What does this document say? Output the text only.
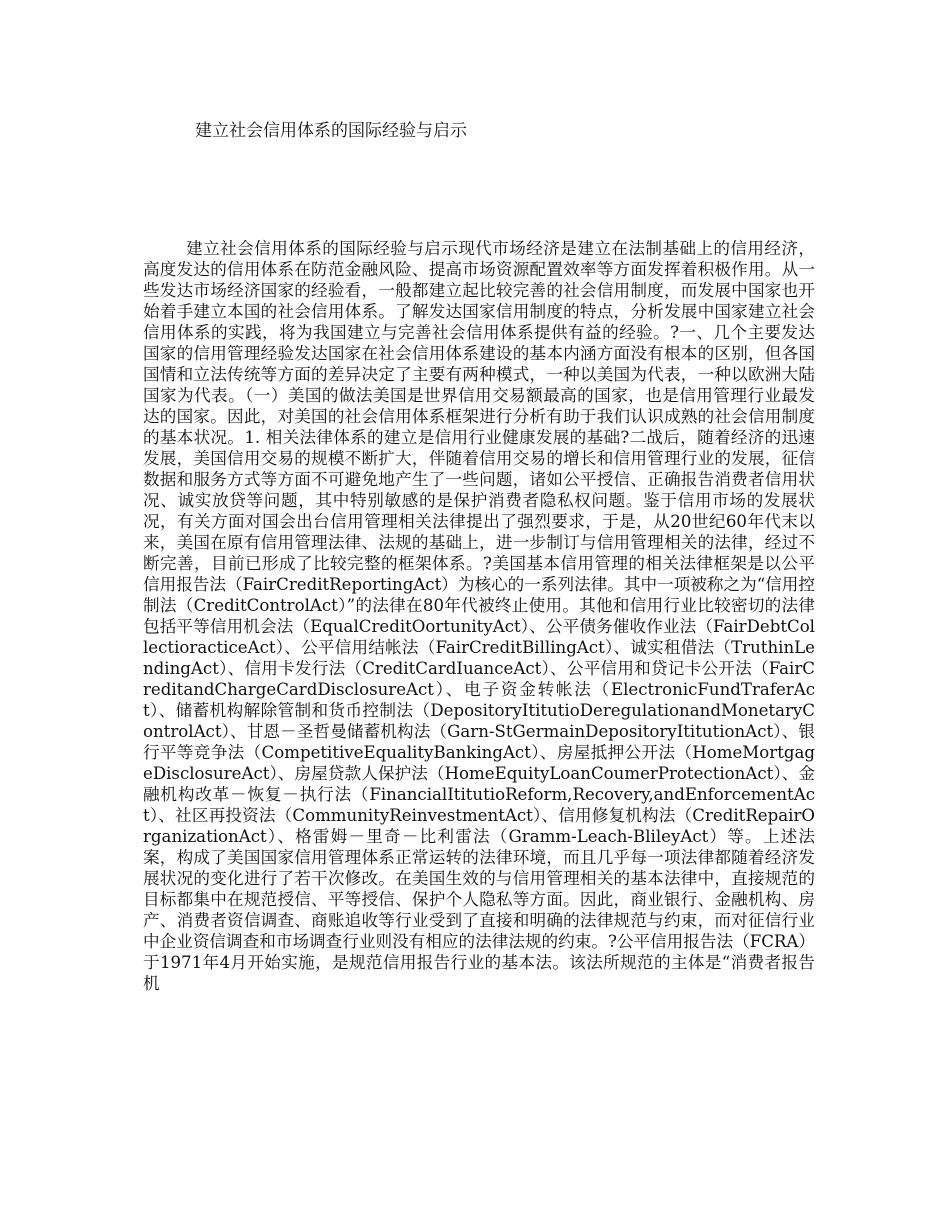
建立社会信用体系的国际经验与启示

建立社会信用体系的国际经验与启示现代市场经济是建立在法制基础上的信用经济，高度发达的信用体系在防范金融风险、提高市场资源配置效率等方面发挥着积极作用。从一些发达市场经济国家的经验看，一般都建立起比较完善的社会信用制度，而发展中国家也开始着手建立本国的社会信用体系。了解发达国家信用制度的特点，分析发展中国家建立社会信用体系的实践，将为我国建立与完善社会信用体系提供有益的经验。?一、几个主要发达国家的信用管理经验发达国家在社会信用体系建设的基本内涵方面没有根本的区别，但各国国情和立法传统等方面的差异决定了主要有两种模式，一种以美国为代表，一种以欧洲大陆国家为代表。（一）美国的做法美国是世界信用交易额最高的国家，也是信用管理行业最发达的国家。因此，对美国的社会信用体系框架进行分析有助于我们认识成熟的社会信用制度的基本状况。1. 相关法律体系的建立是信用行业健康发展的基础?二战后，随着经济的迅速发展，美国信用交易的规模不断扩大，伴随着信用交易的增长和信用管理行业的发展，征信数据和服务方式等方面不可避免地产生了一些问题，诸如公平授信、正确报告消费者信用状况、诚实放贷等问题，其中特别敏感的是保护消费者隐私权问题。鉴于信用市场的发展状况，有关方面对国会出台信用管理相关法律提出了强烈要求，于是，从20世纪60年代末以来，美国在原有信用管理法律、法规的基础上，进一步制订与信用管理相关的法律，经过不断完善，目前已形成了比较完整的框架体系。?美国基本信用管理的相关法律框架是以公平信用报告法（FairCreditReportingAct）为核心的一系列法律。其中一项被称之为“信用控制法（CreditControlAct）”的法律在80年代被终止使用。其他和信用行业比较密切的法律包括平等信用机会法（EqualCreditOortunityAct）、公平债务催收作业法（FairDebtCollectioracticeAct）、公平信用结帐法（FairCreditBillingAct）、诚实租借法（TruthinLendingAct）、信用卡发行法（CreditCardIuanceAct）、公平信用和贷记卡公开法（FairCreditandChargeCardDisclosureAct）、电子资金转帐法（ElectronicFundTraferAct）、储蓄机构解除管制和货币控制法（DepositoryItitutioDeregulationandMonetaryControlAct）、甘恩－圣哲曼储蓄机构法（Garn-StGermainDepositoryItitutionAct）、银行平等竞争法（CompetitiveEqualityBankingAct）、房屋抵押公开法（HomeMortgageDisclosureAct）、房屋贷款人保护法（HomeEquityLoanCoumerProtectionAct）、金融机构改革－恢复－执行法（FinancialItitutioReform,Recovery,andEnforcementAct）、社区再投资法（CommunityReinvestmentAct）、信用修复机构法（CreditRepairOrganizationAct）、格雷姆－里奇－比利雷法（Gramm-Leach-BlileyAct）等。上述法案，构成了美国国家信用管理体系正常运转的法律环境，而且几乎每一项法律都随着经济发展状况的变化进行了若干次修改。在美国生效的与信用管理相关的基本法律中，直接规范的目标都集中在规范授信、平等授信、保护个人隐私等方面。因此，商业银行、金融机构、房产、消费者资信调查、商账追收等行业受到了直接和明确的法律规范与约束，而对征信行业中企业资信调查和市场调查行业则没有相应的法律法规的约束。?公平信用报告法（FCRA）于1971年4月开始实施，是规范信用报告行业的基本法。该法所规范的主体是“消费者报告机
